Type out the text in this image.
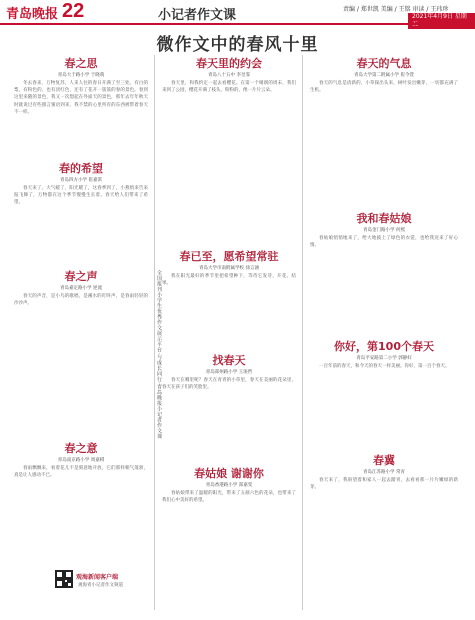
青岛晚报 22	小记者作文课	责编 / 郑世凯 美编 / 王铭 审读 / 王玮珍
2021年4月9日 星期
微作文中的春风十里
春之思
青岛大于路小学 于晓萌

冬去春来，万物复苏，人来人往的春日开满了至三处。有白的梨，有粉色的，也有淡红色，还有了花开一簇簇的春的景色。春到这里来随的景色，我又一次想起在外面天的景色，那年去年年秋天时就说过有些甜言蜜语到来，我不禁的心里所有的东西被带着春天不一样。

春的希望
青岛四方小学 崔嘉淇

春天来了，大气暖了，阳光暖了，这春季到了，小燕悄来告来报飞舞了，万物都在这个季节慢慢生长着。春天给人们带来了希望。

春之声
青岛嘉定路小学 逆流

春天的声音，是小鸟的歌唱，是溪水的叮咚声，是春雨轻轻的沙沙声。

春之意
青岛南京路小学 周嘉棋

春雨飘飘来，看着花儿不是刻意地开放，它们那样朝气蓬勃，真是让人感动不已。

春天里的约会
青岛八十五中 李昱霏

春天里，和我约定一起去看樱花。在第一个晴朗的周末，我们来到了公园，樱花开满了枝头，粉粉的，像一片片云朵。

春已至，愿希望常驻
青岛大学市南附属学校 徐言涵

我在阳光最好的季节里把希望种下，等待它发芽、开花、结果。

找春天
青岛郑州路小学 王浚哲

春天在哪里呢？春天在青青的小草里，春天在美丽的花朵里，春天在孩子们的笑脸里。

春姑娘 谢谢你
青岛香港路小学 郑嘉雯

春姑娘带来了温暖的阳光，带来了五颜六色的花朵，也带来了我们心中美好的希望。

春天的气息
青岛大学第二附属小学 崔今萱

春天的气息是清新的，小草探出头来，树叶发出嫩芽，一切都充满了生机。

我和春姑娘
青岛金门路小学 何熙

春姑娘悄悄地来了，给大地披上了绿色的衣裳，也给我送来了好心情。

你好，第100个春天
青岛平安路第二小学 郭静好

一百年前的春天，和今天的春天一样美丽。你好，第一百个春天。

春冀
青岛江苏路小学 常宵

春天来了，我盼望着和家人一起去踏青，去看看那一片片嫩绿的新芽。

全国报刊小学生优秀作文展示平台·与成长同行·青岛晚报小记者作文课
观海新闻客户端
观海青小记者作文频道
